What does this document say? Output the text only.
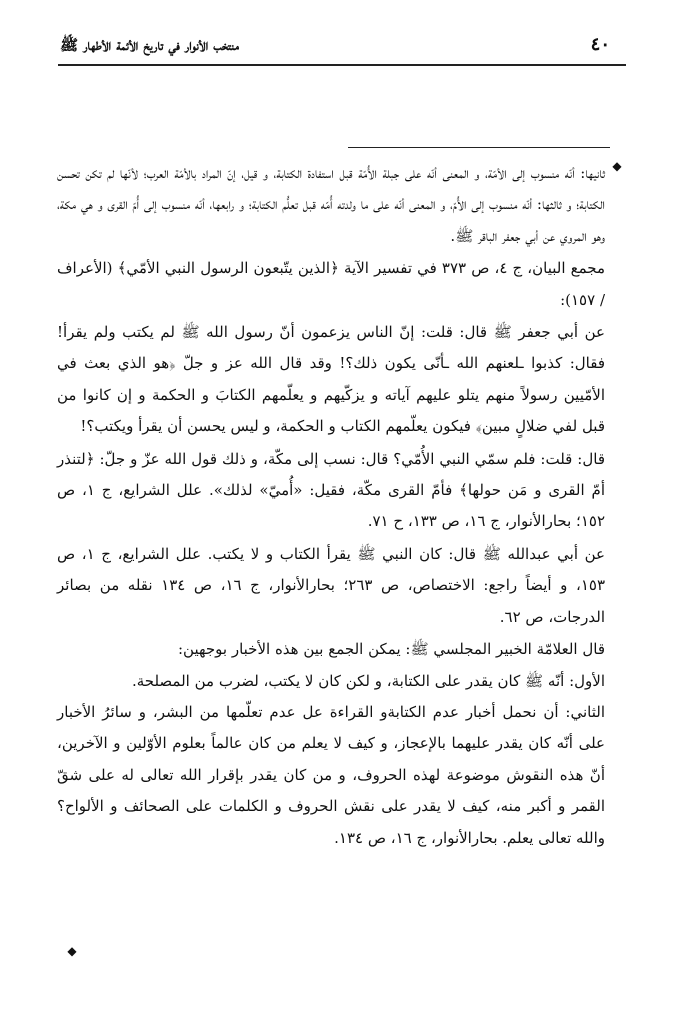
٤٠
منتخب الأنوار في تاريخ الأئمة الأطهار ﷺ
◆

ثانيها: أنّه منسوب إلى الأمّة، و المعنى أنّه على جبلة الأُمّة قبل استفادة الكتابة، و قيل، إنّ المراد بالأمّة العرب؛ لأنّها لم تكن تحسن الكتابة؛ و ثالثها: أنّه منسوب إلى الأُمّ، و المعنى أنّه على ما ولدته أُمّه قبل تعلُّم الكتابة؛ و رابعها، أنّه منسوب إلى أُمّ القرى و هي مكة، وهو المروي عن أبي جعفر الباقر ﷺ.

مجمع البيان، ج ٤، ص ٣٧٣ في تفسير الآية ﴿الذين يتّبعون الرسول النبي الأمّي﴾ (الأعراف / ١٥٧):

عن أبي جعفر ﷺ قال: قلت: إنّ الناس يزعمون أنّ رسول الله ﷺ لم يكتب ولم يقرأ! فقال: كذبوا ـلعنهم الله ـأنّى يكون ذلك؟! وقد قال الله عز و جلّ ﴿هو الذي بعث في الأمّيين رسولاً منهم يتلو عليهم آياته و يزكّيهم و يعلّمهم الكتابَ و الحكمة و إن كانوا من قبل لفي ضلالٍ مبين﴾ فيكون يعلّمهم الكتاب و الحكمة، و ليس يحسن أن يقرأ ويكتب؟!

قال: قلت: فلم سمّي النبي الأُمّي؟ قال: نسب إلى مكّة، و ذلك قول الله عزّ و جلّ: ﴿لتنذر أمّ القرى و مَن حولها﴾ فأمّ القرى مكّة، فقيل: «أُميّ» لذلك». علل الشرايع، ج ١، ص ١٥٢؛ بحارالأنوار، ج ١٦، ص ١٣٣، ح ٧١.

عن أبي عبدالله ﷺ قال: كان النبي ﷺ يقرأ الكتاب و لا يكتب. علل الشرايع، ج ١، ص ١٥٣، و أيضاً راجع: الاختصاص، ص ٢٦٣؛ بحارالأنوار، ج ١٦، ص ١٣٤ نقله من بصائر الدرجات، ص ٦٢.

قال العلامّة الخبير المجلسي ﷺ: يمكن الجمع بين هذه الأخبار بوجهين:

الأول: أنّه ﷺ كان يقدر على الكتابة، و لكن كان لا يكتب، لضرب من المصلحة.

الثاني: أن نحمل أخبار عدم الكتابةو القراءة عل عدم تعلّمها من البشر، و سائرُ الأخبار على أنّه كان يقدر عليهما بالإعجاز، و كيف لا يعلم من كان عالماً بعلوم الأوّلين و الآخرين، أنّ هذه النقوش موضوعة لهذه الحروف، و من كان يقدر بإقرار الله تعالى له على شقّ القمر و أكبر منه، كيف لا يقدر على نقش الحروف و الكلمات على الصحائف و الألواح؟ والله تعالى يعلم. بحارالأنوار، ج ١٦، ص ١٣٤.

◆
